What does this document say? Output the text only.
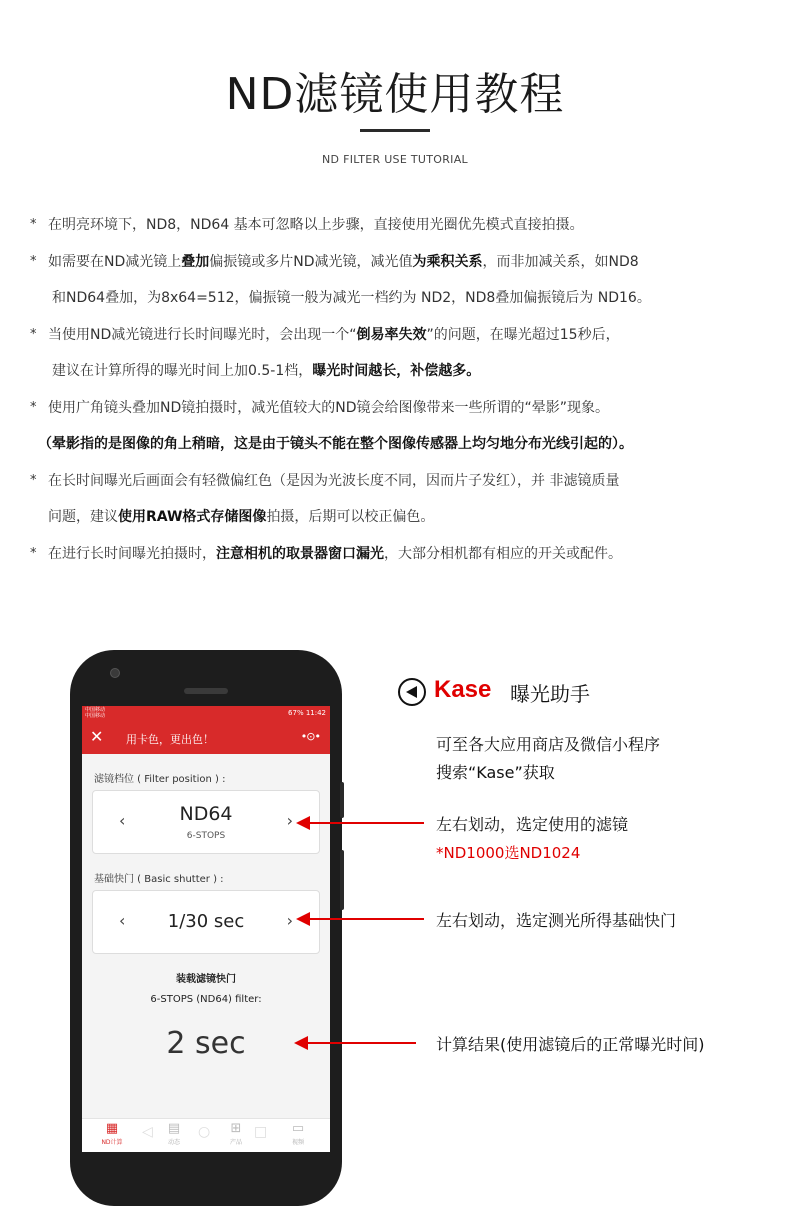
ND滤镜使用教程
ND FILTER USE TUTORIAL
* 在明亮环境下，ND8，ND64 基本可忽略以上步骤，直接使用光圈优先模式直接拍摄。
* 如需要在ND减光镜上叠加偏振镜或多片ND减光镜，减光值为乘积关系，而非加减关系，如ND8
和ND64叠加，为8x64=512，偏振镜一般为减光一档约为 ND2，ND8叠加偏振镜后为 ND16。
* 当使用ND减光镜进行长时间曝光时，会出现一个“倒易率失效”的问题，在曝光超过15秒后，
建议在计算所得的曝光时间上加0.5-1档，曝光时间越长，补偿越多。
* 使用广角镜头叠加ND镜拍摄时，减光值较大的ND镜会给图像带来一些所谓的“晕影”现象。
（晕影指的是图像的角上稍暗，这是由于镜头不能在整个图像传感器上均匀地分布光线引起的）。
* 在长时间曝光后画面会有轻微偏红色（是因为光波长度不同，因而片子发红），并 非滤镜质量
问题，建议使用RAW格式存储图像拍摄，后期可以校正偏色。
* 在进行长时间曝光拍摄时，注意相机的取景器窗口漏光，大部分相机都有相应的开关或配件。
中国移动
中国移动	67% 11:42
✕ 用卡色，更出色！	•⊙•
滤镜档位 ( Filter position ) :
‹	ND64
6-STOPS
›
基础快门 ( Basic shutter ) :
‹	1/30 sec	›
装载滤镜快门
6-STOPS (ND64) filter:
2 sec
▦
ND计算
▤
动态
⊞
产品
▭
视频
◁	○	□
Kase 曝光助手
可至各大应用商店及微信小程序
搜索“Kase”获取
左右划动，选定使用的滤镜
*ND1000选ND1024
左右划动，选定测光所得基础快门
计算结果(使用滤镜后的正常曝光时间)
